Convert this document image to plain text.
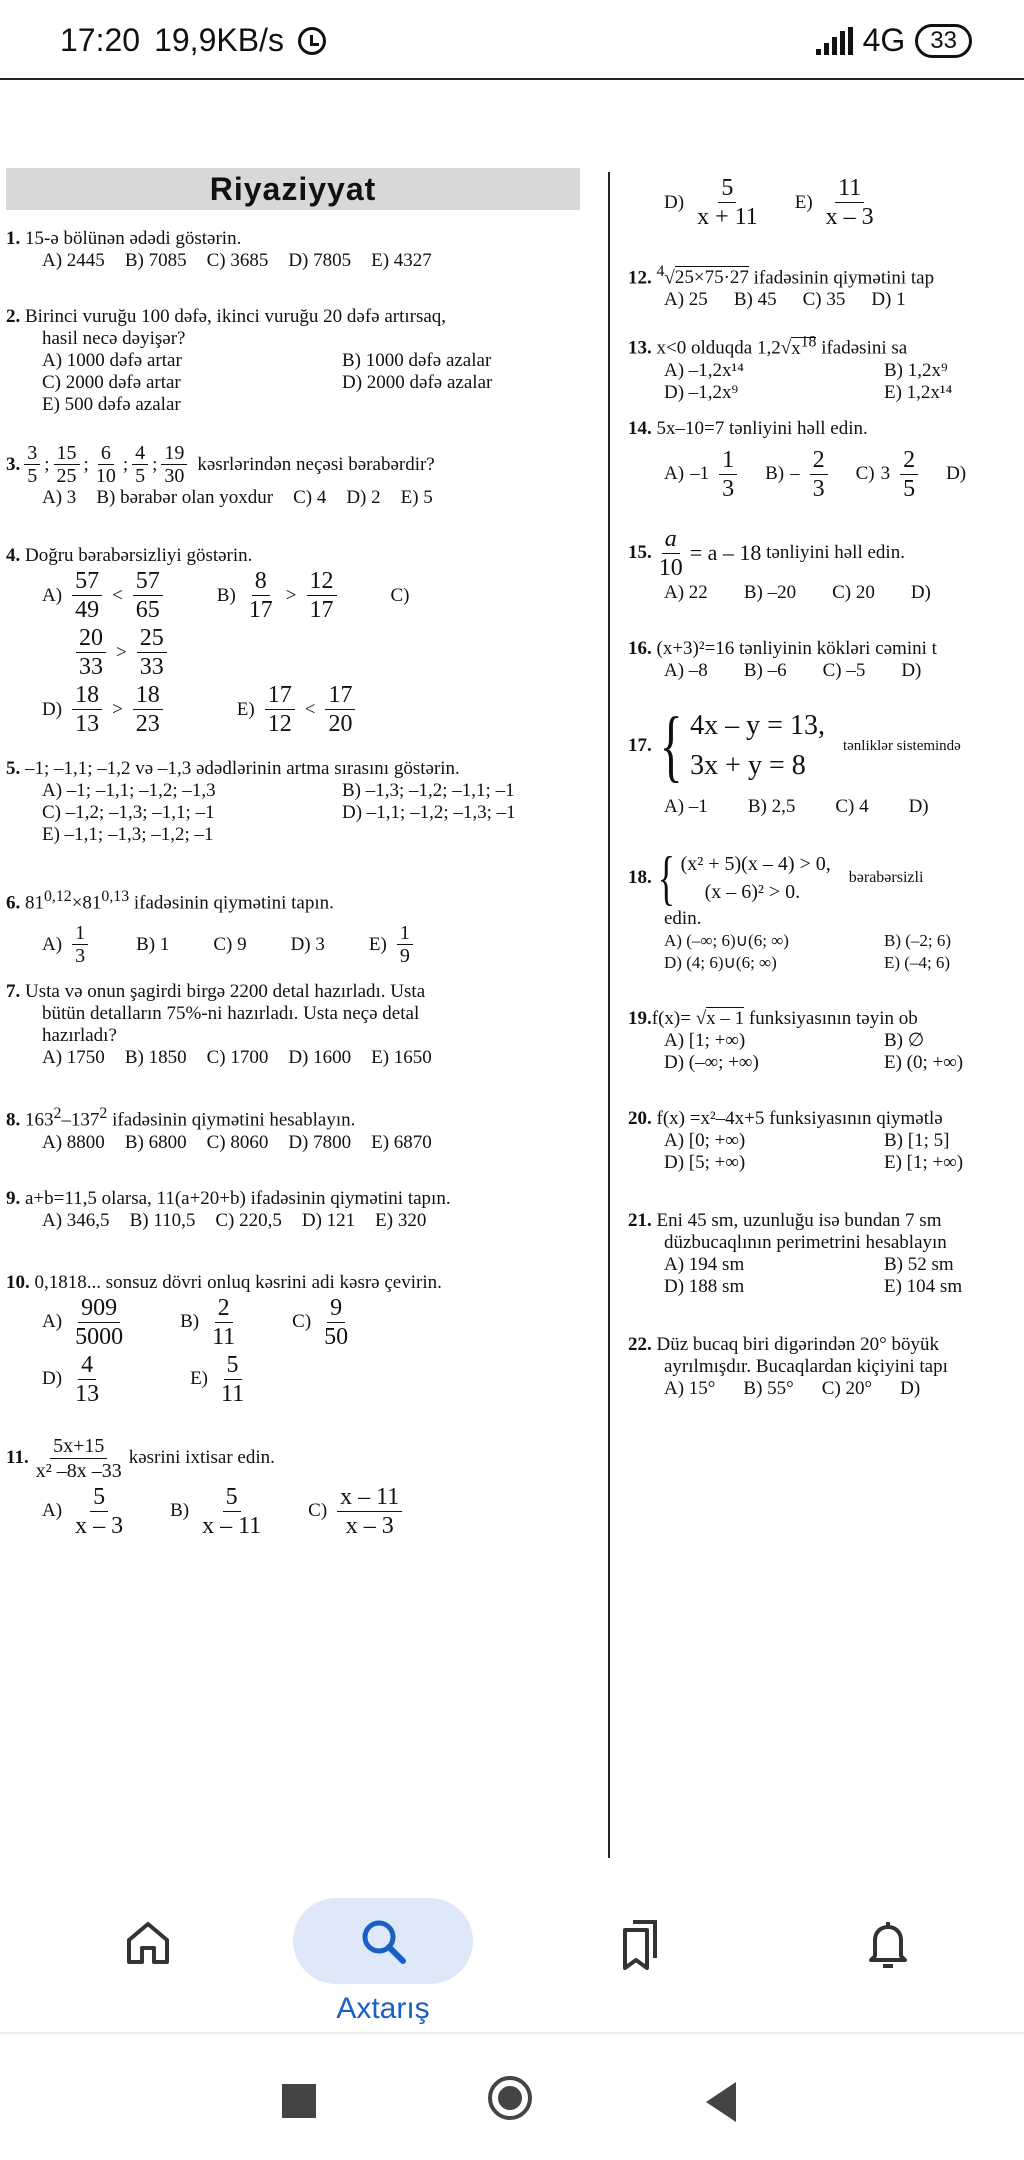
17:20 19,9KB/s	4G	33
Riyaziyyat
1. 15-ə bölünən ədədi göstərin.
A) 2445 B) 7085 C) 3685 D) 7805 E) 4327
2. Birinci vuruğu 100 dəfə, ikinci vuruğu 20 dəfə artırsaq,
hasil necə dəyişər?
A) 1000 dəfə artar	B) 1000 dəfə azalar
C) 2000 dəfə artar	D) 2000 dəfə azalar
E) 500 dəfə azalar
3. $\frac{3}{5}$ ; $\frac{15}{25}$ ; $\frac{6}{10}$ ; $\frac{4}{5}$ ; $\frac{19}{30}$ kəsrlərindən neçəsi bərabərdir?
A) 3 B) bərabər olan yoxdur C) 4 D) 2 E) 5
4. Doğru bərabərsizliyi göstərin.
$A) \frac{57}{49} < \frac{57}{65}$	$B) \frac{8}{17} > \frac{12}{17}$	C)
$\frac{20}{33} > \frac{25}{33}$
$D) \frac{18}{13} > \frac{18}{23}$	$E) \frac{17}{12} < \frac{17}{20}$
5. –1; –1,1; –1,2 və –1,3 ədədlərinin artma sırasını göstərin.
A) –1; –1,1; –1,2; –1,3	B) –1,3; –1,2; –1,1; –1
C) –1,2; –1,3; –1,1; –1	D) –1,1; –1,2; –1,3; –1
E) –1,1; –1,3; –1,2; –1
6. $81^{0,12}\times 81^{0,13}$ ifadəsinin qiymətini tapın.
$A) \frac{1}{3}$	B) 1 C) 9 D) 3 $E) \frac{1}{9}$
7. Usta və onun şagirdi birgə 2200 detal hazırladı. Usta
bütün detalların 75%-ni hazırladı. Usta neçə detal
hazırladı?
A) 1750 B) 1850 C) 1700 D) 1600 E) 1650
8. $163^2-137^2$ ifadəsinin qiymətini hesablayın.
A) 8800 B) 6800 C) 8060 D) 7800 E) 6870
9. a+b=11,5 olarsa, 11(a+20+b) ifadəsinin qiymətini tapın.
A) 346,5 B) 110,5 C) 220,5 D) 121 E) 320
10. 0,1818... sonsuz dövri onluq kəsrini adi kəsrə çevirin.
$A) \frac{909}{5000}$	$B) \frac{2}{11}$	$C) \frac{9}{50}$
$D) \frac{4}{13}$	$E) \frac{5}{11}$
11. $\frac{5x+15}{\text{x² –8x –33}}$ kəsrini ixtisar edin.
$A) \frac{5}{x - 3} B) \frac{5}{x - 11} C) \frac{x - 11}{x - 3}$
$D) \frac{5}{x + 11} E) \frac{11}{x - 3}$
12. $^4$√25×75·27 ifadəsinin qiymətini tap
A) 25 B) 45 C) 35 D) 1
13. x<0 olduqda $1,2√x^{18}$ ifadəsini sa
A) –1,2x¹⁴	B) 1,2x⁹
D) –1,2x⁹	E) 1,2x¹⁴
14. 5x–10=7 tənliyini həll edin.
A) $-1 \frac{1}{3} B) - \frac{2}{3} C$) $3 \frac{2}{5} D$)
15. $\frac{a}{10} = a - 18$
tənliyini həll edin.
A) 22 B) –20 C) 20 D)
16. (x+3)²=16 tənliyinin kökləri cəmini t
A) –8 B) –6 C) –5 D)
17. { 4x – y = 13,
3x + y = 8
tənliklər sistemində
A) –1 B) 2,5 C) 4 D)
18. { (x² + 5)(x – 4) > 0,
(x – 6)² > 0.
bərabərsizli
edin.
A) (–∞; 6)∪(6; ∞)	B) (–2; 6)
D) (4; 6)∪(6; ∞)	E) (–4; 6)
19.f(x)= √x – 1 funksiyasının təyin ob
A) [1; +∞)	B) ∅
D) (–∞; +∞)	E) (0; +∞)
20. f(x) =x²–4x+5 funksiyasının qiymətlə
A) [0; +∞)	B) [1; 5]
D) [5; +∞)	E) [1; +∞)
21. Eni 45 sm, uzunluğu isə bundan 7 sm
düzbucaqlının perimetrini hesablayın
A) 194 sm	B) 52 sm
D) 188 sm	E) 104 sm
22. Düz bucaq biri digərindən 20° böyük
ayrılmışdır. Bucaqlardan kiçiyini tapı
A) 15° B) 55° C) 20° D)
Axtarış
